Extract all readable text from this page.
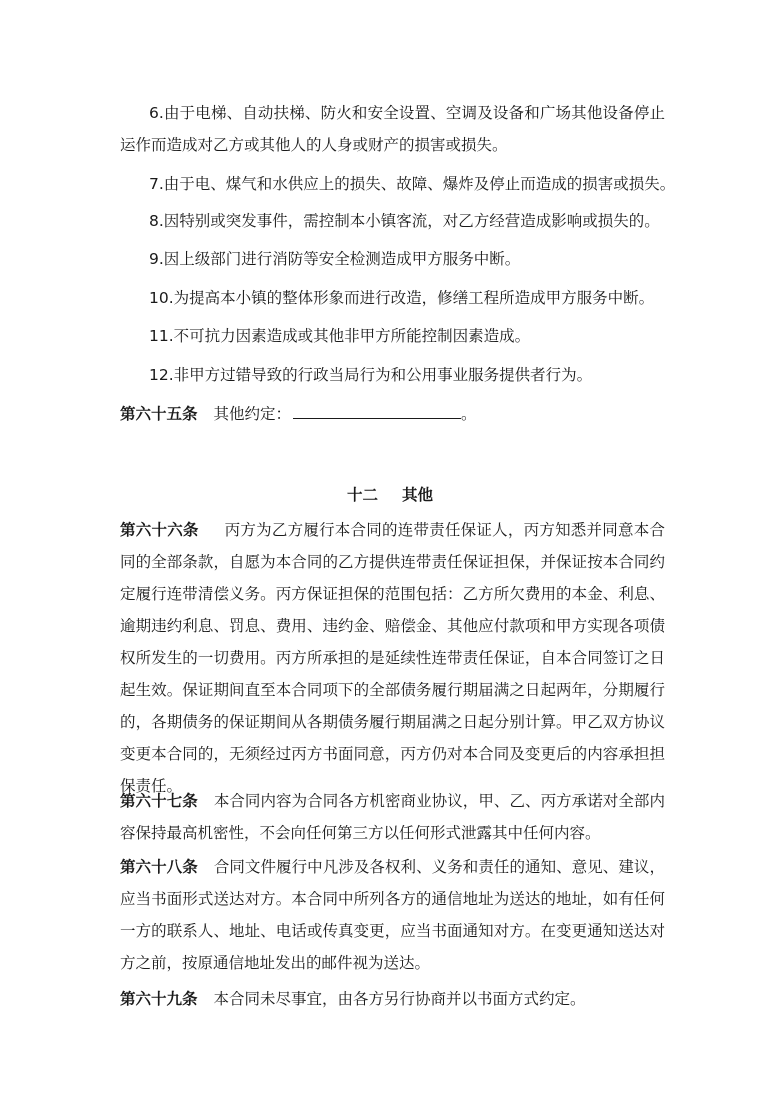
6.由于电梯、自动扶梯、防火和安全设置、空调及设备和广场其他设备停止运作而造成对乙方或其他人的人身或财产的损害或损失。
7.由于电、煤气和水供应上的损失、故障、爆炸及停止而造成的损害或损失。
8.因特别或突发事件，需控制本小镇客流，对乙方经营造成影响或损失的。
9.因上级部门进行消防等安全检测造成甲方服务中断。
10.为提高本小镇的整体形象而进行改造，修缮工程所造成甲方服务中断。
11.不可抗力因素造成或其他非甲方所能控制因素造成。
12.非甲方过错导致的行政当局行为和公用事业服务提供者行为。
第六十五条 其他约定：	。
十二 其他
第六十六条 丙方为乙方履行本合同的连带责任保证人，丙方知悉并同意本合同的全部条款，自愿为本合同的乙方提供连带责任保证担保，并保证按本合同约定履行连带清偿义务。丙方保证担保的范围包括：乙方所欠费用的本金、利息、逾期违约利息、罚息、费用、违约金、赔偿金、其他应付款项和甲方实现各项债权所发生的一切费用。丙方所承担的是延续性连带责任保证，自本合同签订之日起生效。保证期间直至本合同项下的全部债务履行期届满之日起两年，分期履行的，各期债务的保证期间从各期债务履行期届满之日起分别计算。甲乙双方协议变更本合同的，无须经过丙方书面同意，丙方仍对本合同及变更后的内容承担担保责任。
第六十七条 本合同内容为合同各方机密商业协议，甲、乙、丙方承诺对全部内容保持最高机密性，不会向任何第三方以任何形式泄露其中任何内容。
第六十八条 合同文件履行中凡涉及各权利、义务和责任的通知、意见、建议，应当书面形式送达对方。本合同中所列各方的通信地址为送达的地址，如有任何一方的联系人、地址、电话或传真变更，应当书面通知对方。在变更通知送达对方之前，按原通信地址发出的邮件视为送达。
第六十九条 本合同未尽事宜，由各方另行协商并以书面方式约定。
